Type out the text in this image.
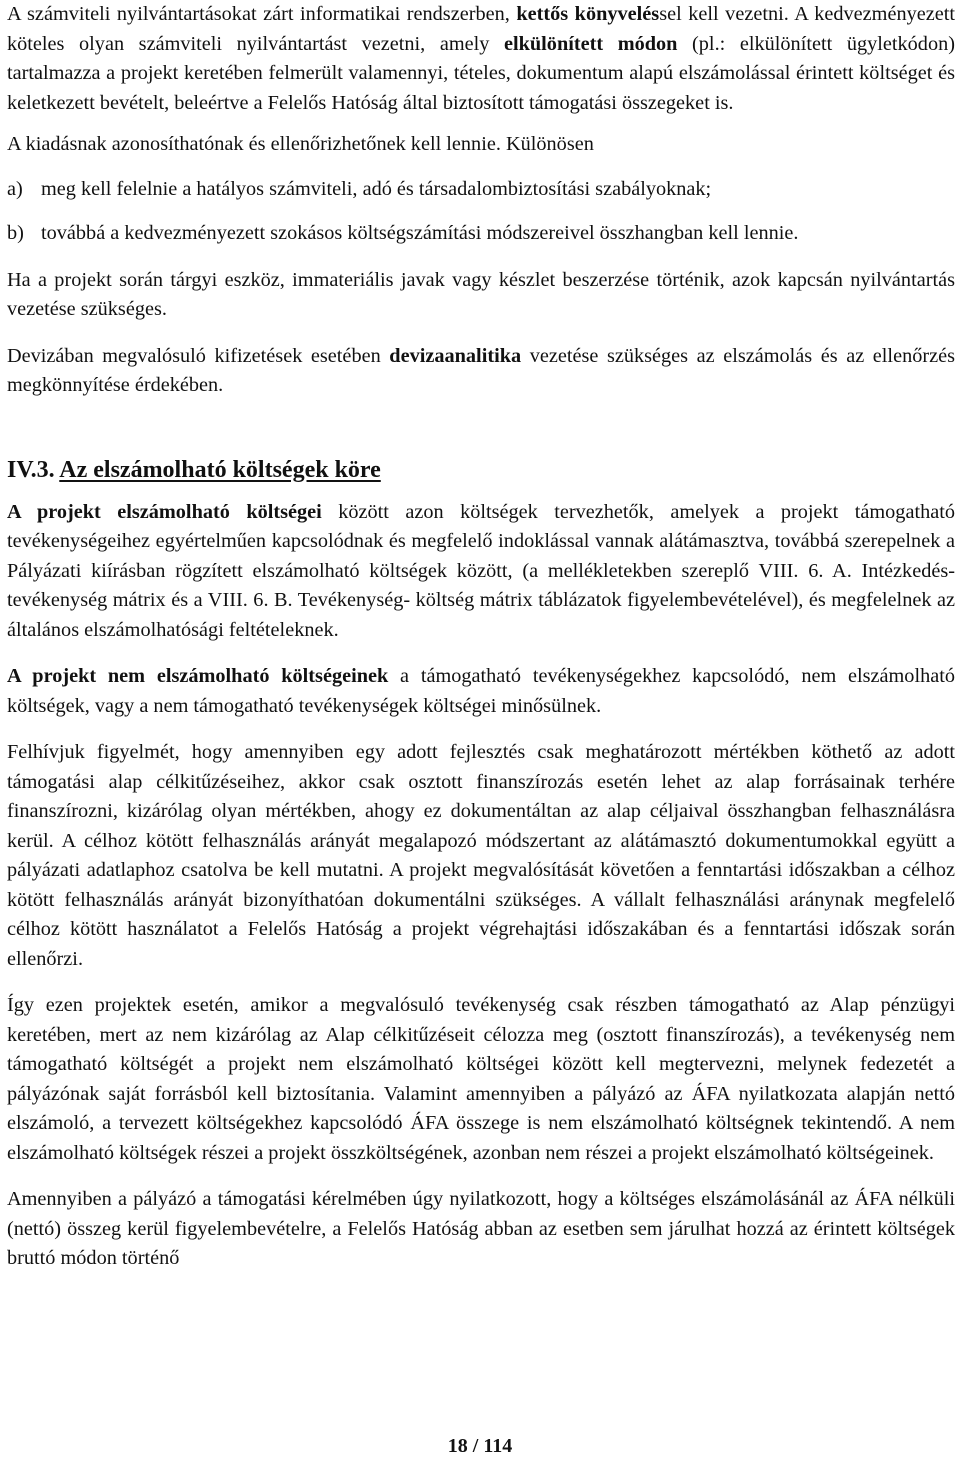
A számviteli nyilvántartásokat zárt informatikai rendszerben, kettős könyveléssel kell vezetni. A kedvezményezett köteles olyan számviteli nyilvántartást vezetni, amely elkülönített módon (pl.: elkülönített ügyletkódon) tartalmazza a projekt keretében felmerült valamennyi, tételes, dokumentum alapú elszámolással érintett költséget és keletkezett bevételt, beleértve a Felelős Hatóság által biztosított támogatási összegeket is.

A kiadásnak azonosíthatónak és ellenőrizhetőnek kell lennie. Különösen

a) meg kell felelnie a hatályos számviteli, adó és társadalombiztosítási szabályoknak;
b) továbbá a kedvezményezett szokásos költségszámítási módszereivel összhangban kell lennie.

Ha a projekt során tárgyi eszköz, immateriális javak vagy készlet beszerzése történik, azok kapcsán nyilvántartás vezetése szükséges.

Devizában megvalósuló kifizetések esetében devizaanalitika vezetése szükséges az elszámolás és az ellenőrzés megkönnyítése érdekében.

IV.3. Az elszámolható költségek köre

A projekt elszámolható költségei között azon költségek tervezhetők, amelyek a projekt támogatható tevékenységeihez egyértelműen kapcsolódnak és megfelelő indoklással vannak alátámasztva, továbbá szerepelnek a Pályázati kiírásban rögzített elszámolható költségek között, (a mellékletekben szereplő VIII. 6. A. Intézkedés- tevékenység mátrix és a VIII. 6. B. Tevékenység- költség mátrix táblázatok figyelembevételével), és megfelelnek az általános elszámolhatósági feltételeknek.

A projekt nem elszámolható költségeinek a támogatható tevékenységekhez kapcsolódó, nem elszámolható költségek, vagy a nem támogatható tevékenységek költségei minősülnek.

Felhívjuk figyelmét, hogy amennyiben egy adott fejlesztés csak meghatározott mértékben köthető az adott támogatási alap célkitűzéseihez, akkor csak osztott finanszírozás esetén lehet az alap forrásainak terhére finanszírozni, kizárólag olyan mértékben, ahogy ez dokumentáltan az alap céljaival összhangban felhasználásra kerül. A célhoz kötött felhasználás arányát megalapozó módszertant az alátámasztó dokumentumokkal együtt a pályázati adatlaphoz csatolva be kell mutatni. A projekt megvalósítását követően a fenntartási időszakban a célhoz kötött felhasználás arányát bizonyíthatóan dokumentálni szükséges. A vállalt felhasználási aránynak megfelelő célhoz kötött használatot a Felelős Hatóság a projekt végrehajtási időszakában és a fenntartási időszak során ellenőrzi.

Így ezen projektek esetén, amikor a megvalósuló tevékenység csak részben támogatható az Alap pénzügyi keretében, mert az nem kizárólag az Alap célkitűzéseit célozza meg (osztott finanszírozás), a tevékenység nem támogatható költségét a projekt nem elszámolható költségei között kell megtervezni, melynek fedezetét a pályázónak saját forrásból kell biztosítania. Valamint amennyiben a pályázó az ÁFA nyilatkozata alapján nettó elszámoló, a tervezett költségekhez kapcsolódó ÁFA összege is nem elszámolható költségnek tekintendő. A nem elszámolható költségek részei a projekt összköltségének, azonban nem részei a projekt elszámolható költségeinek.

Amennyiben a pályázó a támogatási kérelmében úgy nyilatkozott, hogy a költséges elszámolásánál az ÁFA nélküli (nettó) összeg kerül figyelembevételre, a Felelős Hatóság abban az esetben sem járulhat hozzá az érintett költségek bruttó módon történő

18 / 114
